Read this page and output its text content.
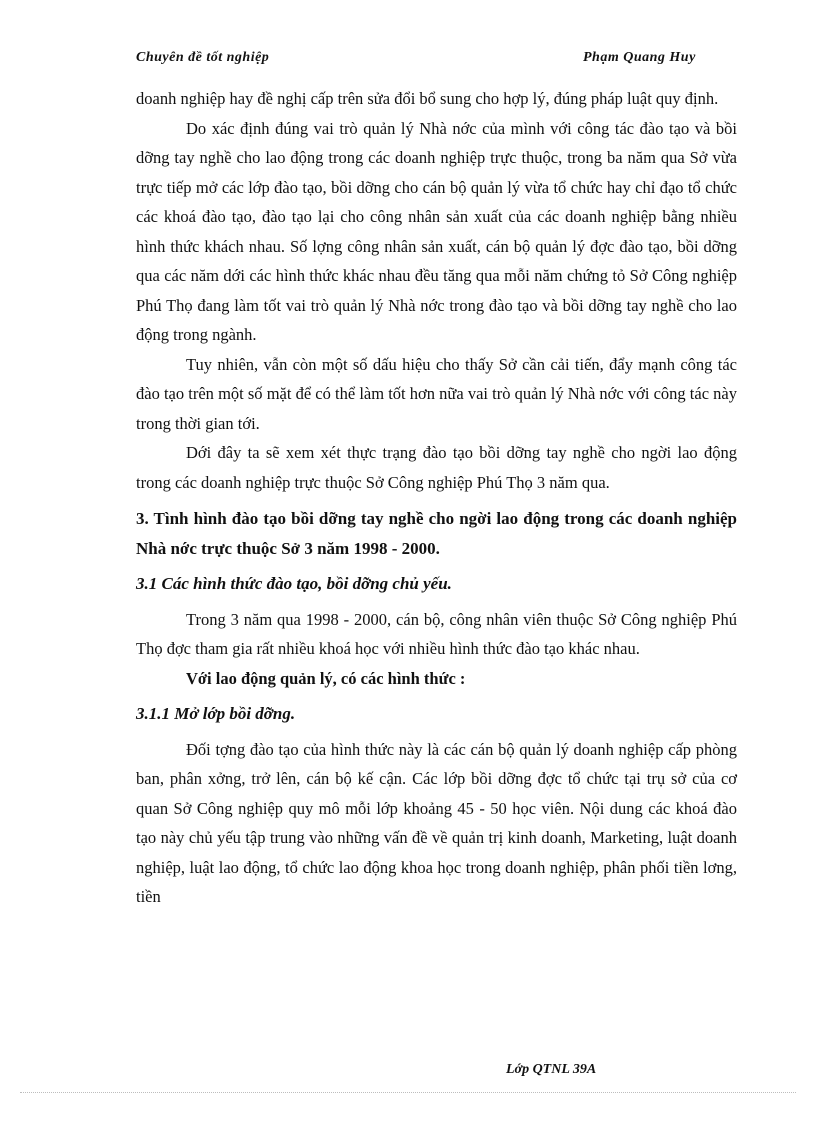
Chuyên đề tốt nghiệp	Phạm Quang Huy

doanh nghiệp hay đề nghị cấp trên sửa đổi bổ sung cho hợp lý, đúng pháp luật quy định.

Do xác định đúng vai trò quản lý Nhà nớc của mình với công tác đào tạo và bồi dỡng tay nghề cho lao động trong các doanh nghiệp trực thuộc, trong ba năm qua Sở vừa trực tiếp mở các lớp đào tạo, bồi dỡng cho cán bộ quản lý vừa tổ chức hay chỉ đạo tổ chức các khoá đào tạo, đào tạo lại cho công nhân sản xuất của các doanh nghiệp bằng nhiều hình thức khách nhau. Số lợng công nhân sản xuất, cán bộ quản lý đợc đào tạo, bồi dỡng qua các năm dới các hình thức khác nhau đều tăng qua mỗi năm chứng tỏ Sở Công nghiệp Phú Thọ đang làm tốt vai trò quản lý Nhà nớc trong đào tạo và bồi dỡng tay nghề cho lao động trong ngành.

Tuy nhiên, vẫn còn một số dấu hiệu cho thấy Sở cần cải tiến, đẩy mạnh công tác đào tạo trên một số mặt để có thể làm tốt hơn nữa vai trò quản lý Nhà nớc với công tác này trong thời gian tới.

Dới đây ta sẽ xem xét thực trạng đào tạo bồi dỡng tay nghề cho ngời lao động trong các doanh nghiệp trực thuộc Sở Công nghiệp Phú Thọ 3 năm qua.

3. Tình hình đào tạo bồi dỡng tay nghề cho ngời lao động trong các doanh nghiệp Nhà nớc trực thuộc Sở 3 năm 1998 - 2000.

3.1 Các hình thức đào tạo, bồi dỡng chủ yếu.

Trong 3 năm qua 1998 - 2000, cán bộ, công nhân viên thuộc Sở Công nghiệp Phú Thọ đợc tham gia rất nhiều khoá học với nhiều hình thức đào tạo khác nhau.

Với lao động quản lý, có các hình thức :

3.1.1 Mở lớp bồi dỡng.

Đối tợng đào tạo của hình thức này là các cán bộ quản lý doanh nghiệp cấp phòng ban, phân xởng, trở lên, cán bộ kế cận. Các lớp bồi dỡng đợc tổ chức tại trụ sở của cơ quan Sở Công nghiệp quy mô mỗi lớp khoảng 45 - 50 học viên. Nội dung các khoá đào tạo này chủ yếu tập trung vào những vấn đề về quản trị kinh doanh, Marketing, luật doanh nghiệp, luật lao động, tổ chức lao động khoa học trong doanh nghiệp, phân phối tiền lơng, tiền

Lớp QTNL 39A
